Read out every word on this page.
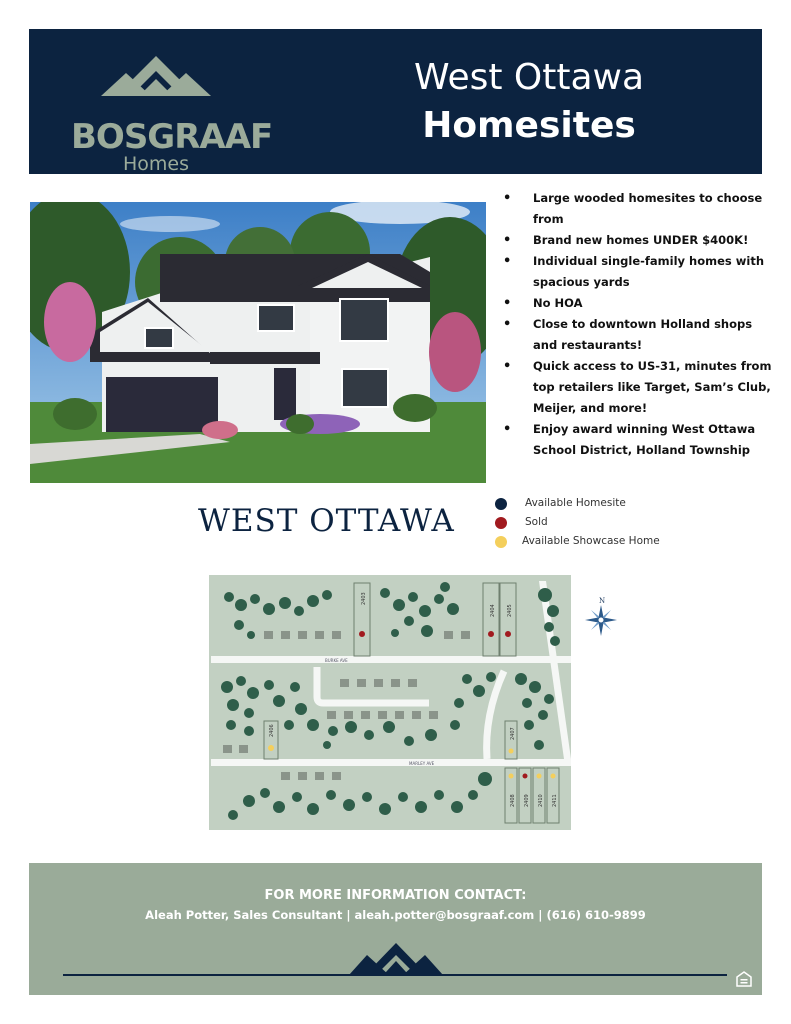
BOSGRAAF
Homes
West Ottawa
Homesites
• Large wooded homesites to choose from
• Brand new homes UNDER $400K!
• Individual single-family homes with spacious yards
• No HOA
• Close to downtown Holland shops and restaurants!
• Quick access to US-31, minutes from top retailers like Target, Sam’s Club, Meijer, and more!
• Enjoy award winning West Ottawa School District, Holland Township
WEST OTTAWA	Available Homesite
Sold
Available Showcase Home
BURKE AVE
MARLEY AVE
2403
2404 2405
2406	2407
2408 2409 2410 2411
N
FOR MORE INFORMATION CONTACT:
Aleah Potter, Sales Consultant | aleah.potter@bosgraaf.com | (616) 610-9899
